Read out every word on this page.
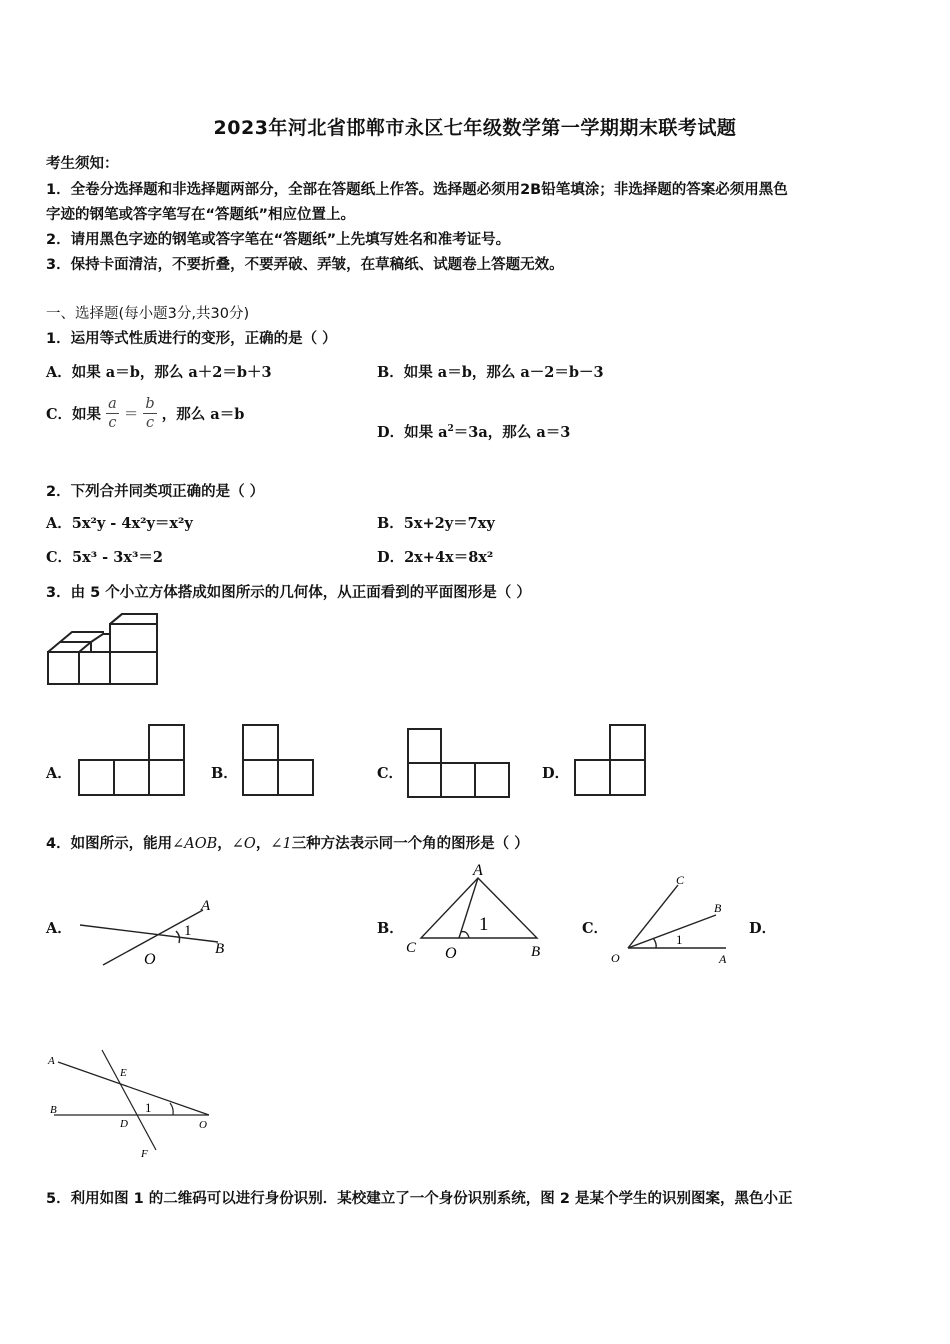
2023年河北省邯郸市永区七年级数学第一学期期末联考试题
考生须知：
1．全卷分选择题和非选择题两部分，全部在答题纸上作答。选择题必须用2B铅笔填涂；非选择题的答案必须用黑色
字迹的钢笔或答字笔写在“答题纸”相应位置上。
2．请用黑色字迹的钢笔或答字笔在“答题纸”上先填写姓名和准考证号。
3．保持卡面清洁，不要折叠，不要弄破、弄皱，在草稿纸、试题卷上答题无效。
一、选择题(每小题3分,共30分)
1．运用等式性质进行的变形，正确的是（ ）
A．如果 a＝b，那么 a＋2＝b＋3	B．如果 a＝b，那么 a－2＝b－3
C．如果 $\frac{a}{c} = \frac{b}{c}$ ，那么 a＝b
D．如果 $a^2=3a$，那么 a＝3
2．下列合并同类项正确的是（ ）
A．5x²y - 4x²y＝x²y	B．5x+2y＝7xy
C．5x³ - 3x³＝2	D．2x+4x＝8x²
3．由 5 个小立方体搭成如图所示的几何体，从正面看到的平面图形是（ ）
A．	B．	C．	D．
4．如图所示，能用∠AOB，∠O，∠1三种方法表示同一个角的图形是（ ）
A．
A
B
O
1	B．
A
C O	B
1	C．
C
B
O	A
1
D．
A
B
E
D
F
O
1
5．利用如图 1 的二维码可以进行身份识别．某校建立了一个身份识别系统，图 2 是某个学生的识别图案，黑色小正
